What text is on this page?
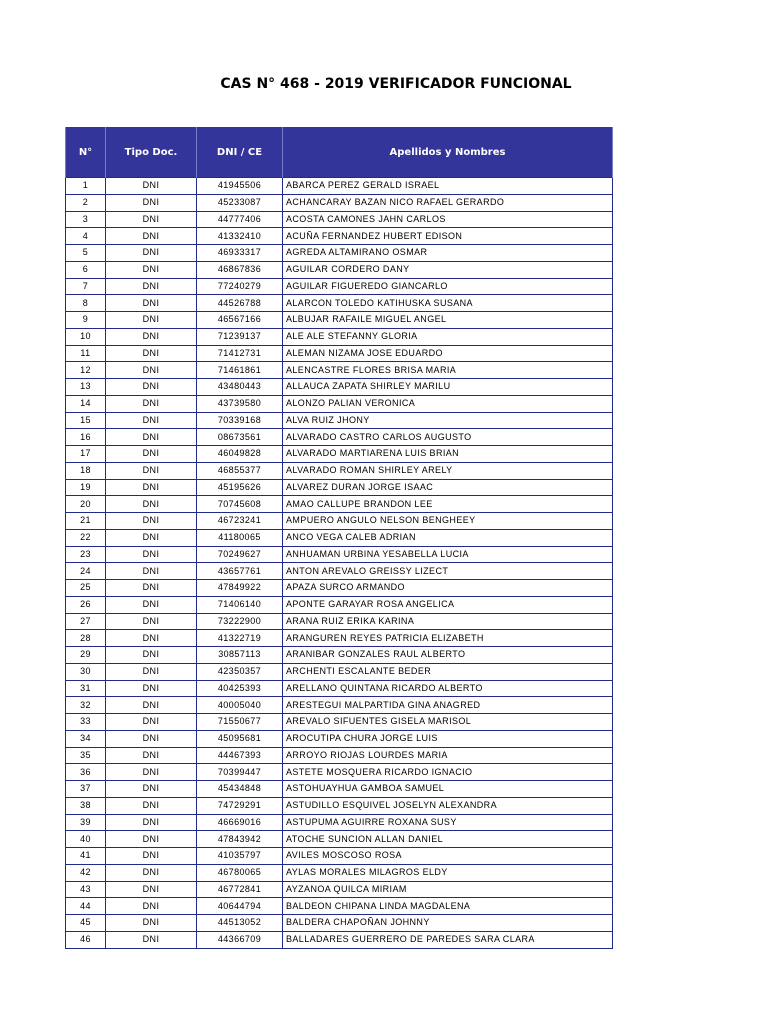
CAS N° 468 - 2019 VERIFICADOR FUNCIONAL
N°	Tipo Doc.	DNI / CE	Apellidos y Nombres
1	DNI	41945506	ABARCA PEREZ GERALD ISRAEL
2	DNI	45233087	ACHANCARAY BAZAN NICO RAFAEL GERARDO
3	DNI	44777406	ACOSTA CAMONES JAHN CARLOS
4	DNI	41332410	ACUÑA FERNANDEZ HUBERT EDISON
5	DNI	46933317	AGREDA ALTAMIRANO OSMAR
6	DNI	46867836	AGUILAR CORDERO DANY
7	DNI	77240279	AGUILAR FIGUEREDO GIANCARLO
8	DNI	44526788	ALARCON TOLEDO KATIHUSKA SUSANA
9	DNI	46567166	ALBUJAR RAFAILE MIGUEL ANGEL
10	DNI	71239137	ALE ALE STEFANNY GLORIA
11	DNI	71412731	ALEMAN NIZAMA JOSE EDUARDO
12	DNI	71461861	ALENCASTRE FLORES BRISA MARIA
13	DNI	43480443	ALLAUCA ZAPATA SHIRLEY MARILU
14	DNI	43739580	ALONZO PALIAN VERONICA
15	DNI	70339168	ALVA RUIZ JHONY
16	DNI	08673561	ALVARADO CASTRO CARLOS AUGUSTO
17	DNI	46049828	ALVARADO MARTIARENA LUIS BRIAN
18	DNI	46855377	ALVARADO ROMAN SHIRLEY ARELY
19	DNI	45195626	ALVAREZ DURAN JORGE ISAAC
20	DNI	70745608	AMAO CALLUPE BRANDON LEE
21	DNI	46723241	AMPUERO ANGULO NELSON BENGHEEY
22	DNI	41180065	ANCO VEGA CALEB ADRIAN
23	DNI	70249627	ANHUAMAN URBINA YESABELLA LUCIA
24	DNI	43657761	ANTON AREVALO GREISSY LIZECT
25	DNI	47849922	APAZA SURCO ARMANDO
26	DNI	71406140	APONTE GARAYAR ROSA ANGELICA
27	DNI	73222900	ARANA RUIZ ERIKA KARINA
28	DNI	41322719	ARANGUREN REYES PATRICIA ELIZABETH
29	DNI	30857113	ARANIBAR GONZALES RAUL ALBERTO
30	DNI	42350357	ARCHENTI ESCALANTE BEDER
31	DNI	40425393	ARELLANO QUINTANA RICARDO ALBERTO
32	DNI	40005040	ARESTEGUI MALPARTIDA GINA ANAGRED
33	DNI	71550677	AREVALO SIFUENTES GISELA MARISOL
34	DNI	45095681	AROCUTIPA CHURA JORGE LUIS
35	DNI	44467393	ARROYO RIOJAS LOURDES MARIA
36	DNI	70399447	ASTETE MOSQUERA RICARDO IGNACIO
37	DNI	45434848	ASTOHUAYHUA GAMBOA SAMUEL
38	DNI	74729291	ASTUDILLO ESQUIVEL JOSELYN ALEXANDRA
39	DNI	46669016	ASTUPUMA AGUIRRE ROXANA SUSY
40	DNI	47843942	ATOCHE SUNCION ALLAN DANIEL
41	DNI	41035797	AVILES MOSCOSO ROSA
42	DNI	46780065	AYLAS MORALES MILAGROS ELDY
43	DNI	46772841	AYZANOA QUILCA MIRIAM
44	DNI	40644794	BALDEON CHIPANA LINDA MAGDALENA
45	DNI	44513052	BALDERA CHAPOÑAN JOHNNY
46	DNI	44366709	BALLADARES GUERRERO DE PAREDES SARA CLARA
